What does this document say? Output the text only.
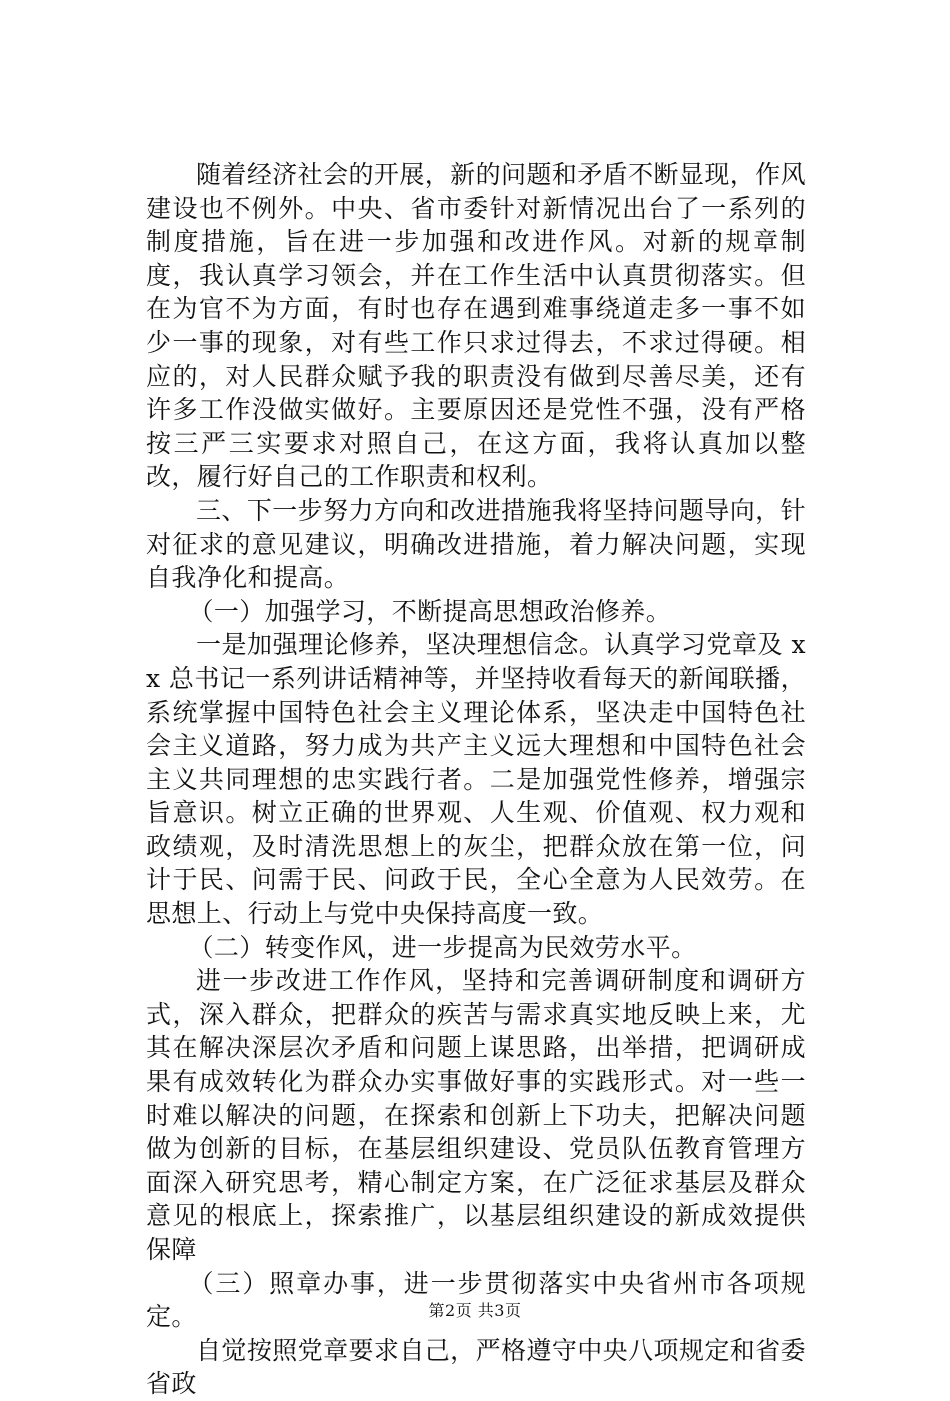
随着经济社会的开展，新的问题和矛盾不断显现，作风建设也不例外。中央、省市委针对新情况出台了一系列的制度措施，旨在进一步加强和改进作风。对新的规章制度，我认真学习领会，并在工作生活中认真贯彻落实。但在为官不为方面，有时也存在遇到难事绕道走多一事不如少一事的现象，对有些工作只求过得去，不求过得硬。相应的，对人民群众赋予我的职责没有做到尽善尽美，还有许多工作没做实做好。主要原因还是党性不强，没有严格按三严三实要求对照自己，在这方面，我将认真加以整改，履行好自己的工作职责和权利。

三、下一步努力方向和改进措施我将坚持问题导向，针对征求的意见建议，明确改进措施，着力解决问题，实现自我净化和提高。

（一）加强学习，不断提高思想政治修养。

一是加强理论修养，坚决理想信念。认真学习党章及 xx 总书记一系列讲话精神等，并坚持收看每天的新闻联播，系统掌握中国特色社会主义理论体系，坚决走中国特色社会主义道路，努力成为共产主义远大理想和中国特色社会主义共同理想的忠实践行者。二是加强党性修养，增强宗旨意识。树立正确的世界观、人生观、价值观、权力观和政绩观，及时清洗思想上的灰尘，把群众放在第一位，问计于民、问需于民、问政于民，全心全意为人民效劳。在思想上、行动上与党中央保持高度一致。

（二）转变作风，进一步提高为民效劳水平。

进一步改进工作作风，坚持和完善调研制度和调研方式，深入群众，把群众的疾苦与需求真实地反映上来，尤其在解决深层次矛盾和问题上谋思路，出举措，把调研成果有成效转化为群众办实事做好事的实践形式。对一些一时难以解决的问题，在探索和创新上下功夫，把解决问题做为创新的目标，在基层组织建设、党员队伍教育管理方面深入研究思考，精心制定方案，在广泛征求基层及群众意见的根底上，探索推广，以基层组织建设的新成效提供保障

（三）照章办事，进一步贯彻落实中央省州市各项规定。

自觉按照党章要求自己，严格遵守中央八项规定和省委省政

第2页 共3页
